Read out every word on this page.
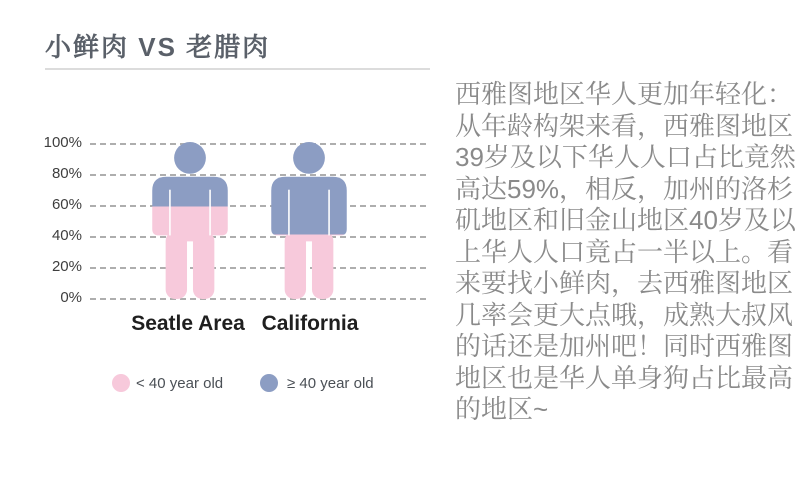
小鲜肉 VS 老腊肉
100%
80%
60%
40%
20%
0%
Seatle Area California
< 40 year old	≥ 40 year old
西雅图地区华人更加年轻化：从年龄构架来看，西雅图地区39岁及以下华人人口占比竟然高达59%，相反，加州的洛杉矶地区和旧金山地区40岁及以上华人人口竟占一半以上。看来要找小鲜肉，去西雅图地区几率会更大点哦，成熟大叔风的话还是加州吧！同时西雅图地区也是华人单身狗占比最高的地区~
